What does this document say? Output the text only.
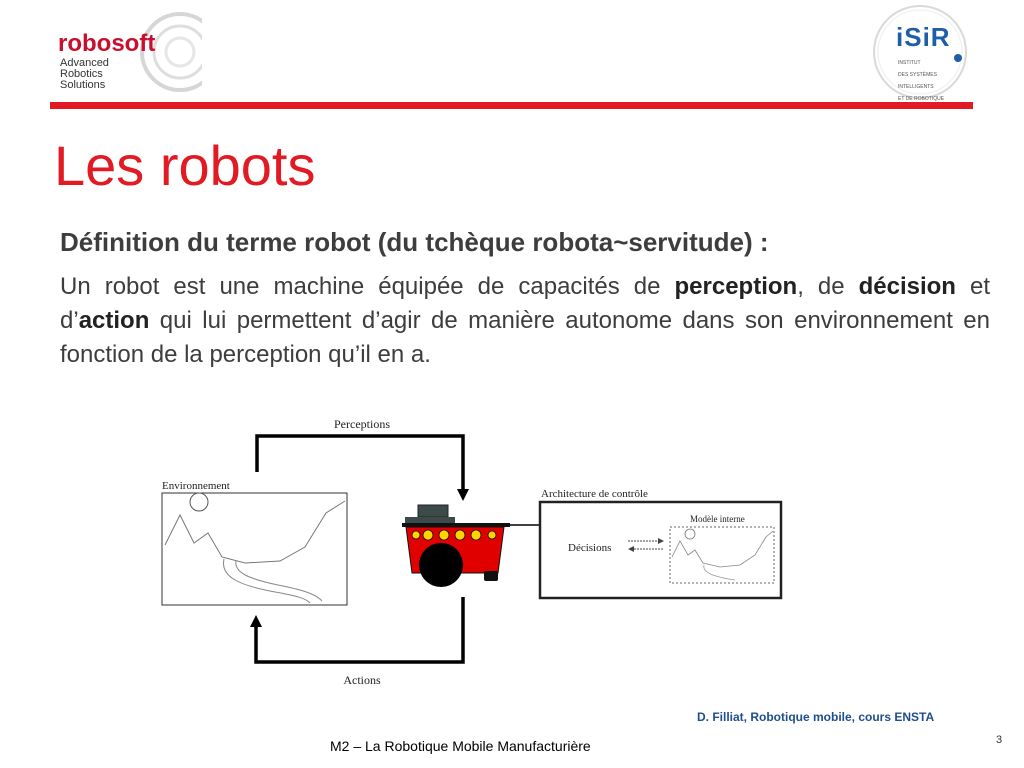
robosoft
Advanced
Robotics
Solutions
iSiR

INSTITUT

DES SYSTÈMES

INTELLIGENTS

ET DE ROBOTIQUE

Les robots

Définition du terme robot (du tchèque robota~servitude) :

Un robot est une machine équipée de capacités de perception, de décision et d’action qui lui permettent d’agir de manière autonome dans son environnement en fonction de la perception qu’il en a.

Perceptions
Actions
Environnement
Architecture de contrôle
Décisions
Modèle interne
D. Filliat, Robotique mobile, cours ENSTA
M2 – La Robotique Mobile Manufacturière	3
